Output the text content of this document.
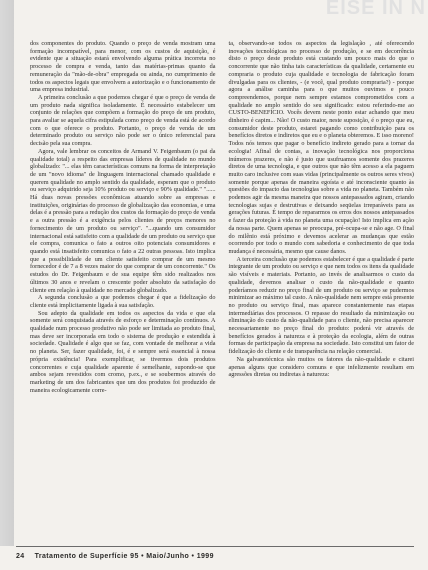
EISE IN N

dos componentes do produto. Quando o preço de venda mostram uma formação incompatível, para menor, com os custos de aquisição, é evidente que a situação estará envolvendo alguma prática incorreta no processo de compra e venda, tanto das matérias-primas quanto da remuneração da "mão-de-obra" empregada ou ainda, no cumprimento de todos os aspectos legais que envolvem a autorização e o funcionamento de uma empresa industrial.

A primeira conclusão a que podemos chegar é que o preço de venda de um produto nada significa isoladamente. É necessário estabelecer um conjunto de relações que compõem a formação do preço de um produto, para avaliar se aquela cifra estipulada como preço de venda está de acordo com o que oferece o produto. Portanto, o preço de venda de um determinado produto ou serviço não pode ser o único referencial para decisão pela sua compra.

Agora, vale lembrar os conceitos de Armand V. Feigenbaum (o pai da qualidade total) a respeito das empresas líderes de qualidade no mundo globalizado: "... elas têm características comuns na forma de interpretação de um "novo idioma" de linguagem internacional chamado qualidade e querem qualidade no amplo sentido da qualidade, esperam que o produto ou serviço adquirido seja 10% produto ou serviço e 90% qualidade." "...... Há duas novas pressões econômicas atuando sobre as empresas e instituições, originárias do processo de globalização das economias, e uma delas é a pressão para a redução dos custos da formação do preço de venda e a outra pressão é a exigência pelos clientes de preços menores no fornecimento de um produto ou serviço". "...quando um consumidor internacional está satisfeito com a qualidade de um produto ou serviço que ele compra, comunica o fato a outros oito potenciais consumidores e quando está insatisfeito comunica o fato a 22 outras pessoas. Isto implica que a possibilidade de um cliente satisfeito comprar de um mesmo fornecedor é de 7 a 8 vezes maior do que comprar de um concorrente." Os estudos do Dr. Feigenbaum e de sua equipe têm sido realizados nos últimos 30 anos e revelam o crescente poder absoluto da satisfação do cliente em relação à qualidade no mercado globalizado.

A segunda conclusão a que podemos chegar é que a fidelização do cliente está implicitamente ligada à sua satisfação.

Sou adepto da qualidade em todos os aspectos da vida e que ela somente será conquistada através de esforço e determinação contínuos. A qualidade num processo produtivo não pode ser limitada ao produto final, mas deve ser incorporada em todo o sistema de produção e estendida à sociedade. Qualidade é algo que se faz, com vontade de melhorar a vida no planeta. Ser, fazer qualidade, foi, é e sempre será essencial à nossa própria existência! Para exemplificar, se tivermos dois produtos concorrentes e cuja qualidade aparente é semelhante, supondo-se que ambos sejam revestidos com cromo, p.ex., e se soubermos através do marketing de um dos fabricantes que um dos produtos foi produzido de maneira ecologicamente corre-

ta, observando-se todos os aspectos da legislação , até oferecendo inovações tecnológicas no processo de produção, e se em decorrência disto o preço deste produto está custando um pouco mais do que o concorrente que não tinha tais características da qualidade, certamente eu compraria o produto cuja qualidade e tecnologia de fabricação foram divulgadas para os clientes, - (e você, qual produto compraria?) - porque agora a análise caminha para o que muitos ouvimos e pouco compreendemos, porque nem sempre estamos comprometidos com a qualidade no amplo sentido do seu significado: estou referindo-me ao CUSTO-BENEFÍCIO. Vocês devem neste ponto estar achando que meu dinheiro é capim... Não! O custo maior, neste suposição, é o preço que eu, consumidor deste produto, estarei pagando como contribuição para os benefícios diretos e indiretos que eu e o planeta obteremos. E isso moreno! Todos nós temos que pagar o benefício indireto gerado para a tornar da ecologia! Afinal de contas, a inovação tecnológica nos proporciona inúmeros prazeres, e não é justo que usufruamos somente dos prazeres diretos de uma tecnologia, e que outros que não têm acesso a ela paguem muito caro inclusive com suas vidas (principalmente os outros seres vivos) somente porque apenas de maneira egoísta e até inconsciente quanto às questões do impacto das tecnologias sobre a vida no planeta. Também não podemos agir da mesma maneira que nossos antepassados agiram, criando tecnologias sujas e destrutivas e deixando seqüelas irreparáveis para as gerações futuras. É tempo de repararmos os erros dos nossos antepassados e fazer da proteção à vida no planeta uma ocupação! Isto implica em ação da nossa parte. Quem apenas se preocupa, pré-ocupa-se e não age. O final do milênio está próximo e devemos acelerar as mudanças que estão ocorrendo por todo o mundo com sabedoria e conhecimento de que toda mudança é necessária, mesmo que cause danos.

A terceira conclusão que podemos estabelecer é que a qualidade é parte integrante de um produto ou serviço e que nem todos os itens da qualidade são visíveis e materiais. Portanto, ao invés de analisarmos o custo da qualidade, devemos analisar o custo da não-qualidade e quanto poderíamos reduzir no preço final de um produto ou serviço se pudermos minimizar ao máximo tal custo. A não-qualidade nem sempre está presente no produto ou serviço final, mas aparece constantemente nas etapas intermediárias dos processos. O repasse do resultado da minimização ou eliminação do custo da não-qualidade para o cliente, não precisa aparecer necessariamente no preço final do produto: poderá vir através de benefícios gerados à natureza e à proteção da ecologia, além de outras formas de participação da empresa na sociedade. Isto constitui um fator de fidelização do cliente e de transparência na relação comercial.

Na galvanotécnica são muitos os fatores da não-qualidade e citarei apenas alguns que considero comuns e que infelizmente resultam em agressões diretas ou indiretas à natureza:

24 Tratamento de Superfície 95 • Maio/Junho • 1999
